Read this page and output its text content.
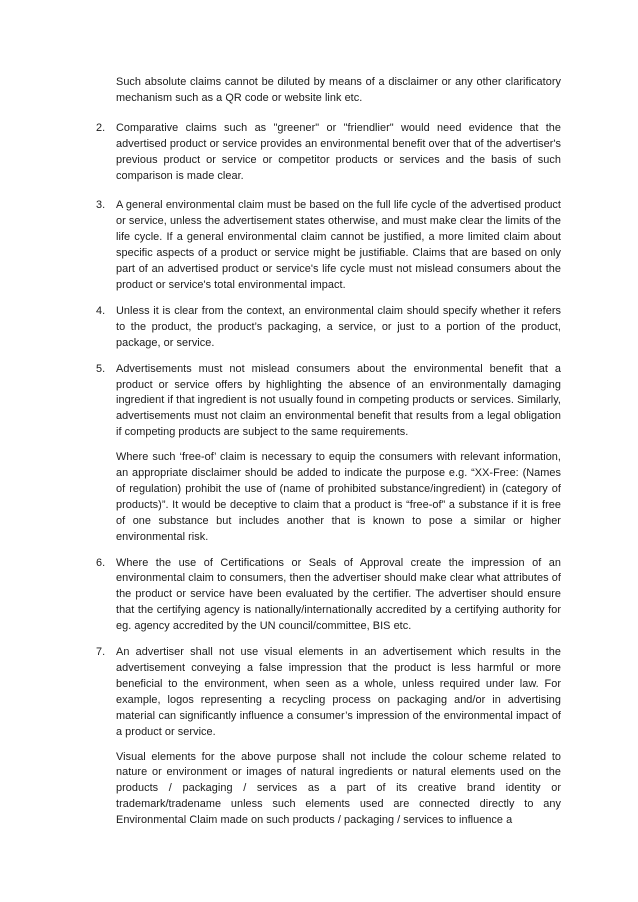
Such absolute claims cannot be diluted by means of a disclaimer or any other clarificatory mechanism such as a QR code or website link etc.

2. Comparative claims such as "greener" or "friendlier" would need evidence that the advertised product or service provides an environmental benefit over that of the advertiser's previous product or service or competitor products or services and the basis of such comparison is made clear.

3. A general environmental claim must be based on the full life cycle of the advertised product or service, unless the advertisement states otherwise, and must make clear the limits of the life cycle. If a general environmental claim cannot be justified, a more limited claim about specific aspects of a product or service might be justifiable. Claims that are based on only part of an advertised product or service's life cycle must not mislead consumers about the product or service's total environmental impact.

4. Unless it is clear from the context, an environmental claim should specify whether it refers to the product, the product’s packaging, a service, or just to a portion of the product, package, or service.

5. Advertisements must not mislead consumers about the environmental benefit that a product or service offers by highlighting the absence of an environmentally damaging ingredient if that ingredient is not usually found in competing products or services. Similarly, advertisements must not claim an environmental benefit that results from a legal obligation if competing products are subject to the same requirements.

Where such ‘free-of’ claim is necessary to equip the consumers with relevant information, an appropriate disclaimer should be added to indicate the purpose e.g. “XX-Free: (Names of regulation) prohibit the use of (name of prohibited substance/ingredient) in (category of products)”. It would be deceptive to claim that a product is “free-of” a substance if it is free of one substance but includes another that is known to pose a similar or higher environmental risk.

6. Where the use of Certifications or Seals of Approval create the impression of an environmental claim to consumers, then the advertiser should make clear what attributes of the product or service have been evaluated by the certifier. The advertiser should ensure that the certifying agency is nationally/internationally accredited by a certifying authority for eg. agency accredited by the UN council/committee, BIS etc.

7. An advertiser shall not use visual elements in an advertisement which results in the advertisement conveying a false impression that the product is less harmful or more beneficial to the environment, when seen as a whole, unless required under law. For example, logos representing a recycling process on packaging and/or in advertising material can significantly influence a consumer’s impression of the environmental impact of a product or service.

Visual elements for the above purpose shall not include the colour scheme related to nature or environment or images of natural ingredients or natural elements used on the products / packaging / services as a part of its creative brand identity or trademark/tradename unless such elements used are connected directly to any Environmental Claim made on such products / packaging / services to influence a
